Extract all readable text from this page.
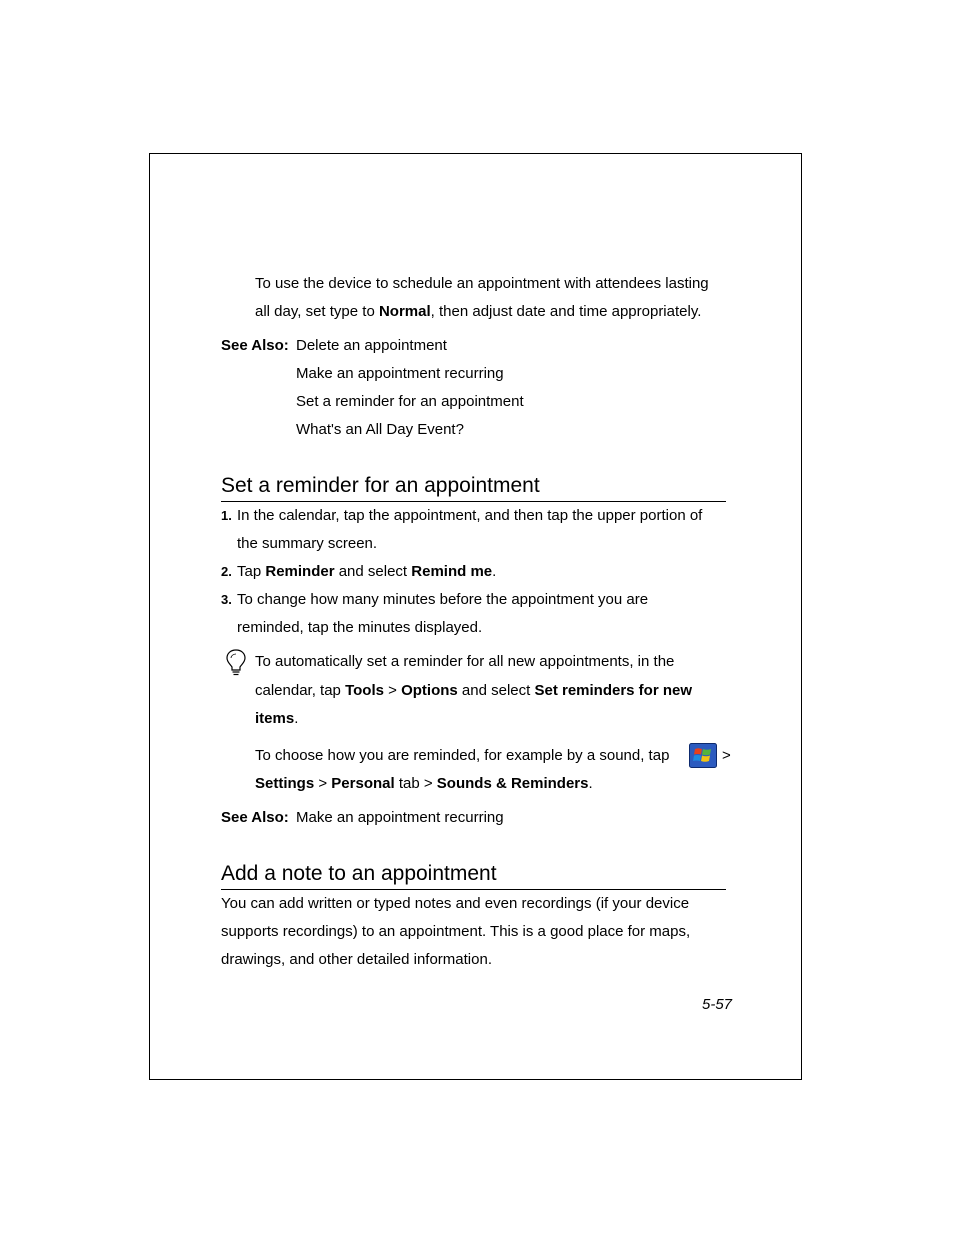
To use the device to schedule an appointment with attendees lasting
all day, set type to Normal, then adjust date and time appropriately.
See Also: Delete an appointment
Make an appointment recurring
Set a reminder for an appointment
What's an All Day Event?
Set a reminder for an appointment
1. In the calendar, tap the appointment, and then tap the upper portion of
the summary screen.
2. Tap Reminder and select Remind me.
3. To change how many minutes before the appointment you are
reminded, tap the minutes displayed.
To automatically set a reminder for all new appointments, in the
calendar, tap Tools > Options and select Set reminders for new
items.
To choose how you are reminded, for example by a sound, tap	>
Settings > Personal tab > Sounds & Reminders.
See Also: Make an appointment recurring
Add a note to an appointment
You can add written or typed notes and even recordings (if your device
supports recordings) to an appointment. This is a good place for maps,
drawings, and other detailed information.
5-57
